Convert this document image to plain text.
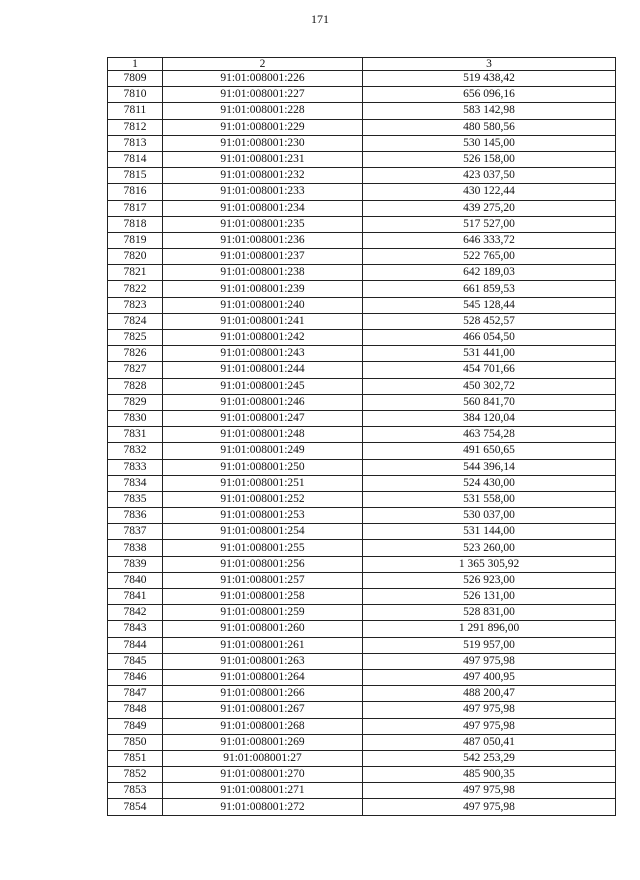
171
1	2	3
7809	91:01:008001:226	519 438,42
7810	91:01:008001:227	656 096,16
7811	91:01:008001:228	583 142,98
7812	91:01:008001:229	480 580,56
7813	91:01:008001:230	530 145,00
7814	91:01:008001:231	526 158,00
7815	91:01:008001:232	423 037,50
7816	91:01:008001:233	430 122,44
7817	91:01:008001:234	439 275,20
7818	91:01:008001:235	517 527,00
7819	91:01:008001:236	646 333,72
7820	91:01:008001:237	522 765,00
7821	91:01:008001:238	642 189,03
7822	91:01:008001:239	661 859,53
7823	91:01:008001:240	545 128,44
7824	91:01:008001:241	528 452,57
7825	91:01:008001:242	466 054,50
7826	91:01:008001:243	531 441,00
7827	91:01:008001:244	454 701,66
7828	91:01:008001:245	450 302,72
7829	91:01:008001:246	560 841,70
7830	91:01:008001:247	384 120,04
7831	91:01:008001:248	463 754,28
7832	91:01:008001:249	491 650,65
7833	91:01:008001:250	544 396,14
7834	91:01:008001:251	524 430,00
7835	91:01:008001:252	531 558,00
7836	91:01:008001:253	530 037,00
7837	91:01:008001:254	531 144,00
7838	91:01:008001:255	523 260,00
7839	91:01:008001:256	1 365 305,92
7840	91:01:008001:257	526 923,00
7841	91:01:008001:258	526 131,00
7842	91:01:008001:259	528 831,00
7843	91:01:008001:260	1 291 896,00
7844	91:01:008001:261	519 957,00
7845	91:01:008001:263	497 975,98
7846	91:01:008001:264	497 400,95
7847	91:01:008001:266	488 200,47
7848	91:01:008001:267	497 975,98
7849	91:01:008001:268	497 975,98
7850	91:01:008001:269	487 050,41
7851	91:01:008001:27	542 253,29
7852	91:01:008001:270	485 900,35
7853	91:01:008001:271	497 975,98
7854	91:01:008001:272	497 975,98
